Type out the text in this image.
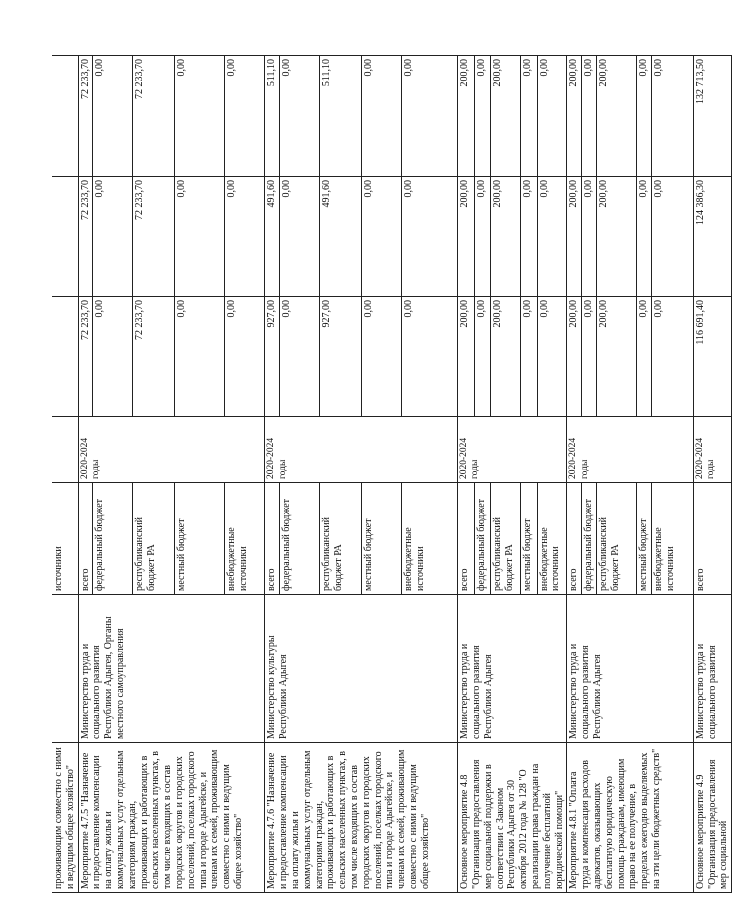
проживающим совместно с ними и ведущим общее хозяйство"		источники				
Мероприятие 4.7.5 "Назначение и предоставление компенсации на оплату жилья и коммунальных услуг отдельным категориям граждан, проживающих и работающих в сельских населенных пунктах, в том числе входящих в состав городских округов и городских поселений, поселках городского типа и городе Адыгейске, и членам их семей, проживающим совместно с ними и ведущим общее хозяйство"	Министерство труда и социального развития Республики Адыгея, Органы местного самоуправления	всего	2020-2024 годы	72 233,70	72 233,70	72 233,70
		федеральный бюджет		0,00	0,00	0,00
		республиканский бюджет РА		72 233,70	72 233,70	72 233,70
		местный бюджет		0,00	0,00	0,00
		внебюджетные источники		0,00	0,00	0,00
Мероприятие 4.7.6 "Назначение и предоставление компенсации на оплату жилья и коммунальных услуг отдельным категориям граждан, проживающих и работающих в сельских населенных пунктах, в том числе входящих в состав городских округов и городских поселений, поселках городского типа и городе Адыгейске, и членам их семей, проживающим совместно с ними и ведущим общее хозяйство"	Министерство культуры Республики Адыгея	всего	2020-2024 годы	927,00	491,60	511,10
		федеральный бюджет		0,00	0,00	0,00
		республиканский бюджет РА		927,00	491,60	511,10
		местный бюджет		0,00	0,00	0,00
		внебюджетные источники		0,00	0,00	0,00
Основное мероприятие 4.8 "Организация предоставления мер социальной поддержки в соответствии с Законом Республики Адыгея от 30 октября 2012 года № 128 "О реализации права граждан на получение бесплатной юридической помощи"	Министерство труда и социального развития Республики Адыгея	всего	2020-2024 годы	200,00	200,00	200,00
		федеральный бюджет		0,00	0,00	0,00
		республиканский бюджет РА		200,00	200,00	200,00
		местный бюджет		0,00	0,00	0,00
		внебюджетные источники		0,00	0,00	0,00
Мероприятие 4.8.1 "Оплата труда и компенсация расходов адвокатов, оказывающих бесплатную юридическую помощь гражданам, имеющим право на ее получение, в пределах ежегодно выделяемых на эти цели бюджетных средств"	Министерство труда и социального развития Республики Адыгея	всего	2020-2024 годы	200,00	200,00	200,00
		федеральный бюджет		0,00	0,00	0,00
		республиканский бюджет РА		200,00	200,00	200,00
		местный бюджет		0,00	0,00	0,00
		внебюджетные источники		0,00	0,00	0,00
Основное мероприятие 4.9 "Организация предоставления мер социальной	Министерство труда и социального развития	всего	2020-2024 годы	116 691,40	124 386,30	132 713,50
